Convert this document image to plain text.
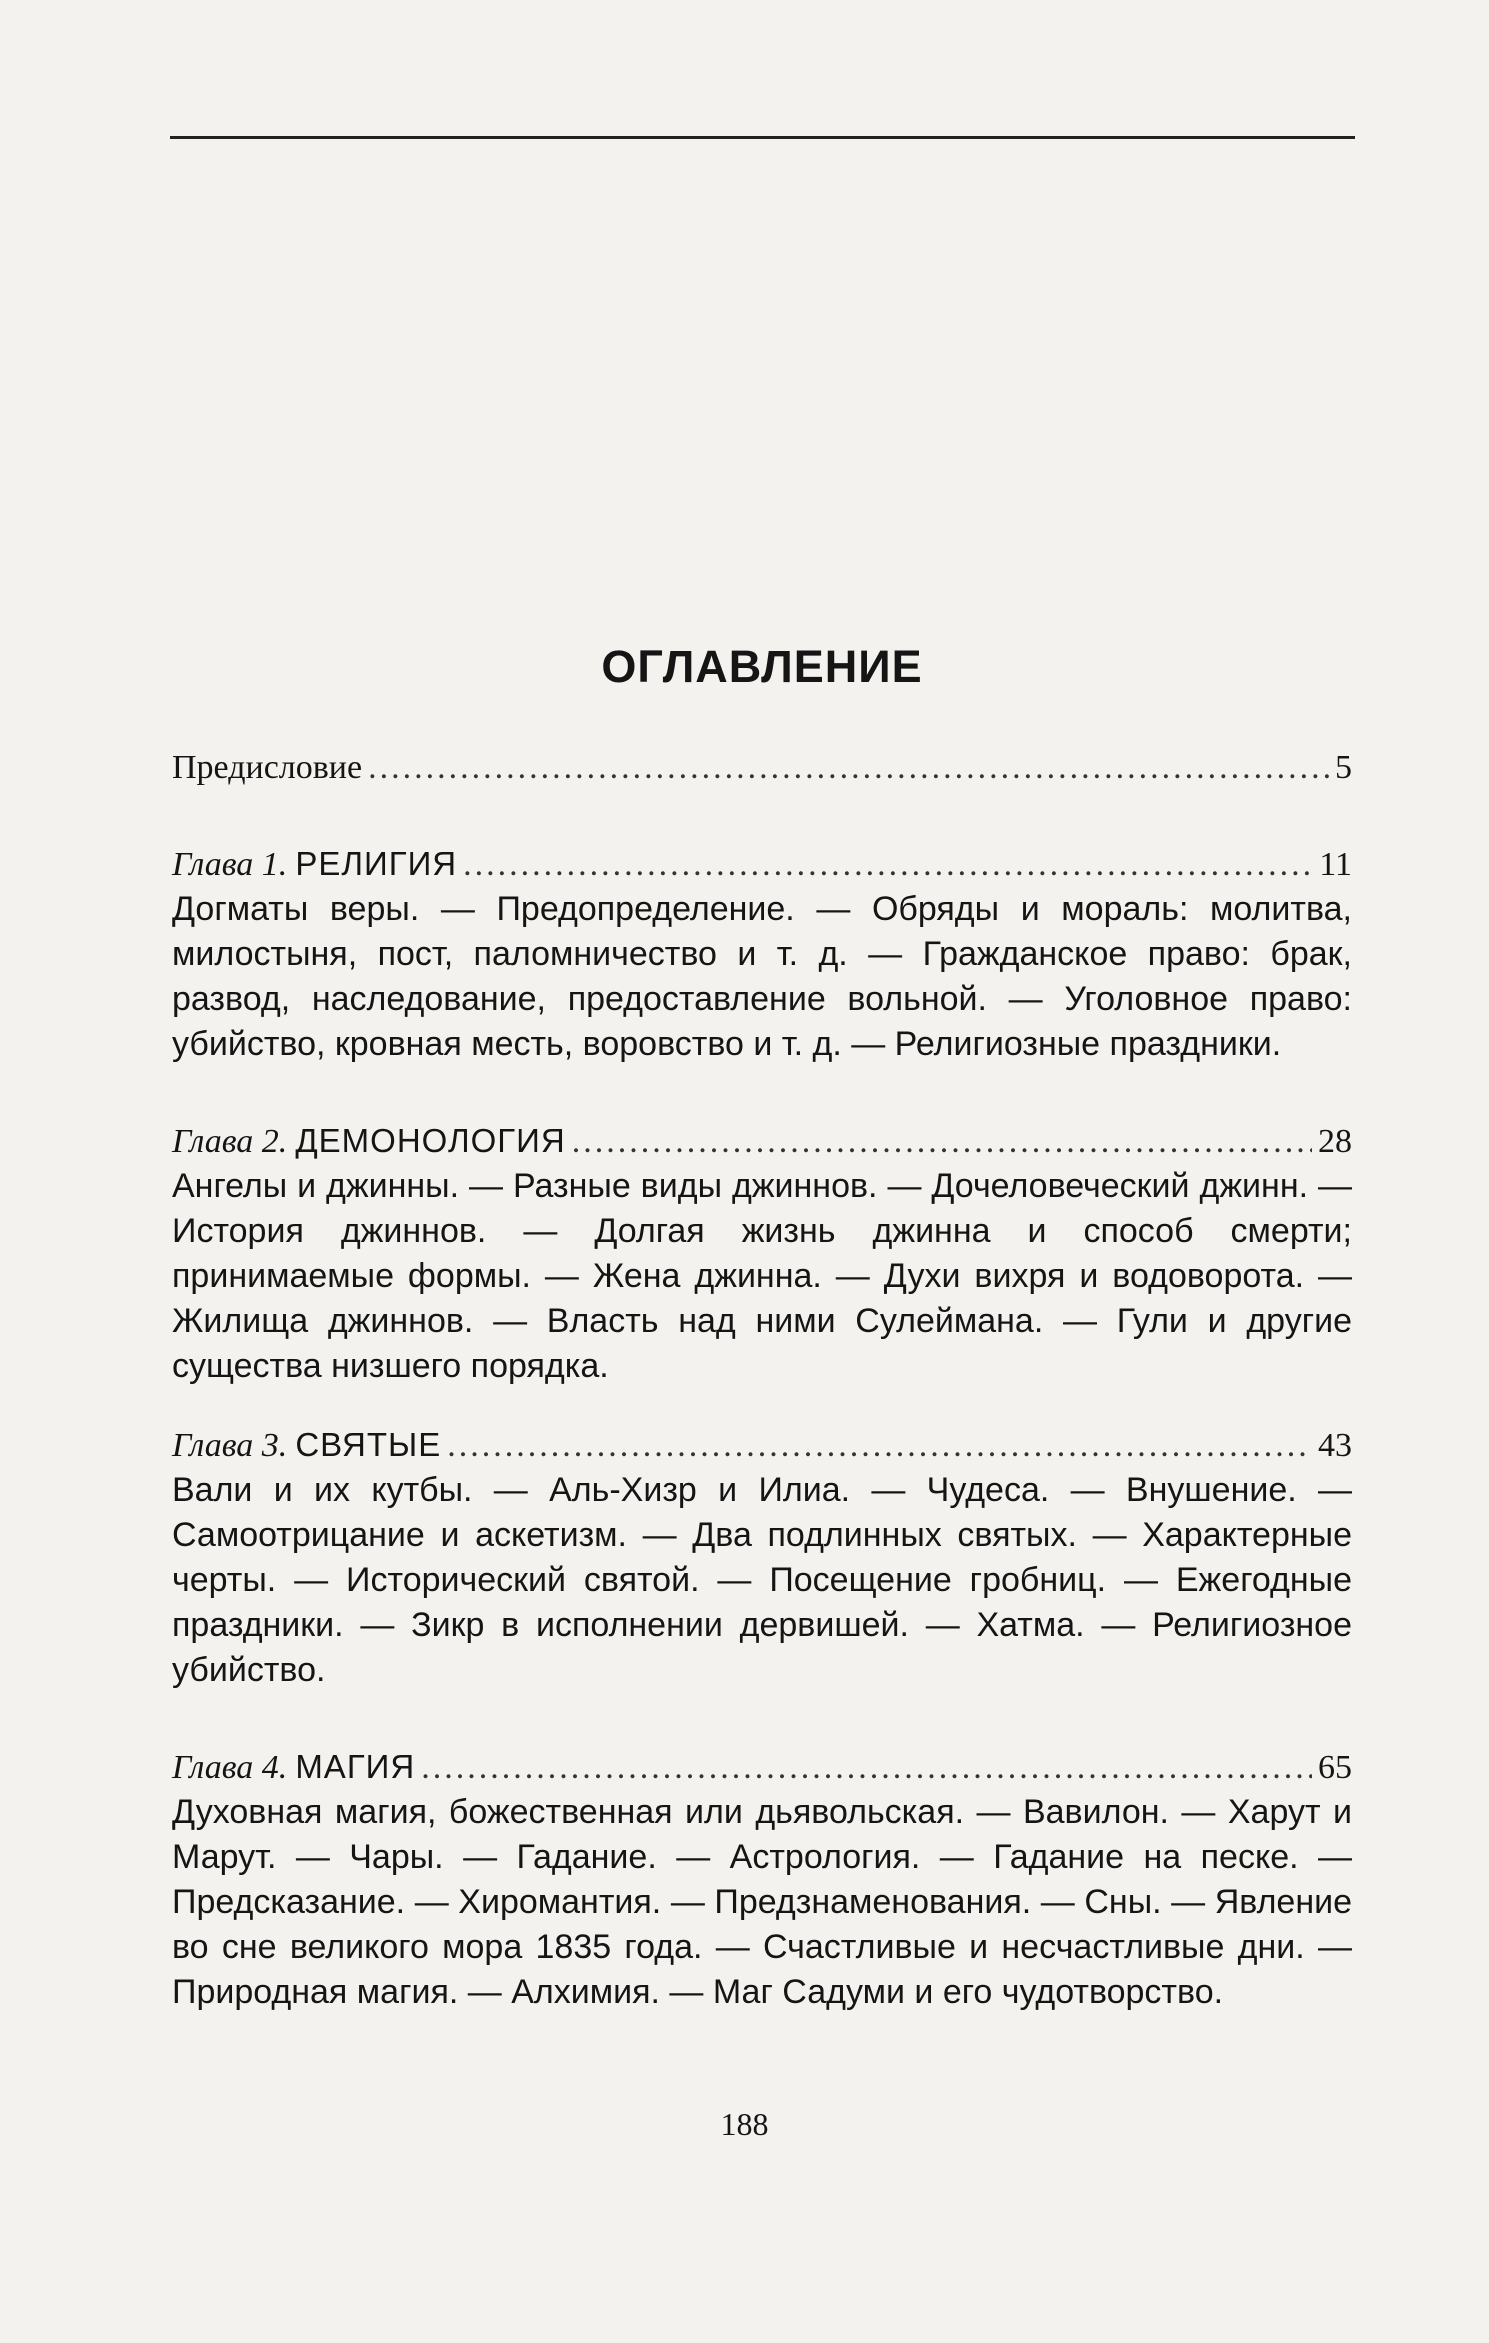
ОГЛАВЛЕНИЕ
Предисловие .....	5
Глава 1. РЕЛИГИЯ .....	11

Догматы веры. — Предопределение. — Обряды и мораль: молитва, милостыня, пост, паломничество и т. д. — Гражданское право: брак, развод, наследование, предоставление вольной. — Уголовное право: убийство, кровная месть, воровство и т. д. — Религиозные праздники.

Глава 2. ДЕМОНОЛОГИЯ .....	28

Ангелы и джинны. — Разные виды джиннов. — Дочеловеческий джинн. — История джиннов. — Долгая жизнь джинна и способ смерти; принимаемые формы. — Жена джинна. — Духи вихря и водоворота. — Жилища джиннов. — Власть над ними Сулеймана. — Гули и другие существа низшего порядка.

Глава 3. СВЯТЫЕ .....	43

Вали и их кутбы. — Аль-Хизр и Илиа. — Чудеса. — Внушение. — Самоотрицание и аскетизм. — Два подлинных святых. — Характерные черты. — Исторический святой. — Посещение гробниц. — Ежегодные праздники. — Зикр в исполнении дервишей. — Хатма. — Религиозное убийство.

Глава 4. МАГИЯ .....	65

Духовная магия, божественная или дьявольская. — Вавилон. — Харут и Марут. — Чары. — Гадание. — Астрология. — Гадание на песке. — Предсказание. — Хиромантия. — Предзнаменования. — Сны. — Явление во сне великого мора 1835 года. — Счастливые и несчастливые дни. — Природная магия. — Алхимия. — Маг Садуми и его чудотворство.

188
